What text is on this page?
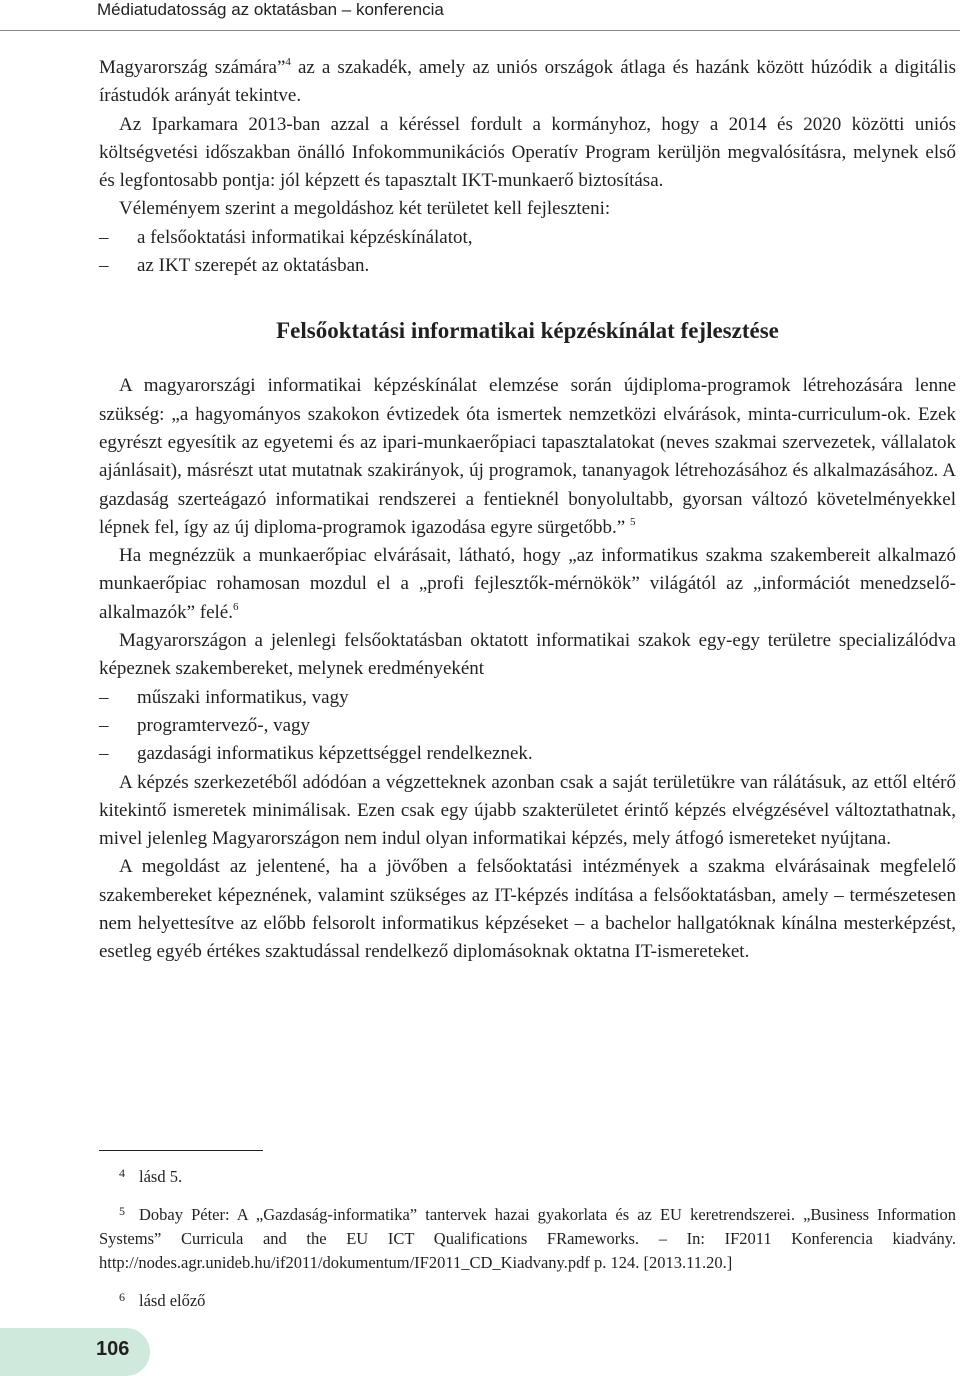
Médiatudatosság az oktatásban – konferencia

Magyarország számára”$^4$ az a szakadék, amely az uniós országok átlaga és hazánk között húzódik a digitális írástudók arányát tekintve.

Az Iparkamara 2013-ban azzal a kéréssel fordult a kormányhoz, hogy a 2014 és 2020 közötti uniós költségvetési időszakban önálló Infokommunikációs Operatív Program kerüljön megvalósításra, melynek első és legfontosabb pontja: jól képzett és tapasztalt IKT-munkaerő biztosítása.

Véleményem szerint a megoldáshoz két területet kell fejleszteni:

– a felsőoktatási informatikai képzéskínálatot,

– az IKT szerepét az oktatásban.

Felsőoktatási informatikai képzéskínálat fejlesztése

A magyarországi informatikai képzéskínálat elemzése során újdiploma-programok létrehozására lenne szükség: „a hagyományos szakokon évtizedek óta ismertek nemzetközi elvárások, minta-curriculum-ok. Ezek egyrészt egyesítik az egyetemi és az ipari-munkaerőpiaci tapasztalatokat (neves szakmai szervezetek, vállalatok ajánlásait), másrészt utat mutatnak szakirányok, új programok, tananyagok létrehozásához és alkalmazásához. A gazdaság szerteágazó informatikai rendszerei a fentieknél bonyolultabb, gyorsan változó követelményekkel lépnek fel, így az új diploma-programok igazodása egyre sürgetőbb.” $^5$

Ha megnézzük a munkaerőpiac elvárásait, látható, hogy „az informatikus szakma szakembereit alkalmazó munkaerőpiac rohamosan mozdul el a „profi fejlesztők-mérnökök” világától az „információt menedzselő-alkalmazók” felé.$^6$

Magyarországon a jelenlegi felsőoktatásban oktatott informatikai szakok egy-egy területre specializálódva képeznek szakembereket, melynek eredményeként

– műszaki informatikus, vagy

– programtervező-, vagy

– gazdasági informatikus képzettséggel rendelkeznek.

A képzés szerkezetéből adódóan a végzetteknek azonban csak a saját területükre van rálátásuk, az ettől eltérő kitekintő ismeretek minimálisak. Ezen csak egy újabb szakterületet érintő képzés elvégzésével változtathatnak, mivel jelenleg Magyarországon nem indul olyan informatikai képzés, mely átfogó ismereteket nyújtana.

A megoldást az jelentené, ha a jövőben a felsőoktatási intézmények a szakma elvárásainak megfelelő szakembereket képeznének, valamint szükséges az IT-képzés indítása a felsőoktatásban, amely – természetesen nem helyettesítve az előbb felsorolt informatikus képzéseket – a bachelor hallgatóknak kínálna mesterképzést, esetleg egyéb értékes szaktudással rendelkező diplomásoknak oktatna IT-ismereteket.

4 lásd 5.

5 Dobay Péter: A „Gazdaság-informatika” tantervek hazai gyakorlata és az EU keretrendszerei. „Business Information Systems” Curricula and the EU ICT Qualifications FRameworks. – In: IF2011 Konferencia kiadvány. http://nodes.agr.unideb.hu/if2011/dokumentum/IF2011_CD_Kiadvany.pdf p. 124. [2013.11.20.]

6 lásd előző

106
